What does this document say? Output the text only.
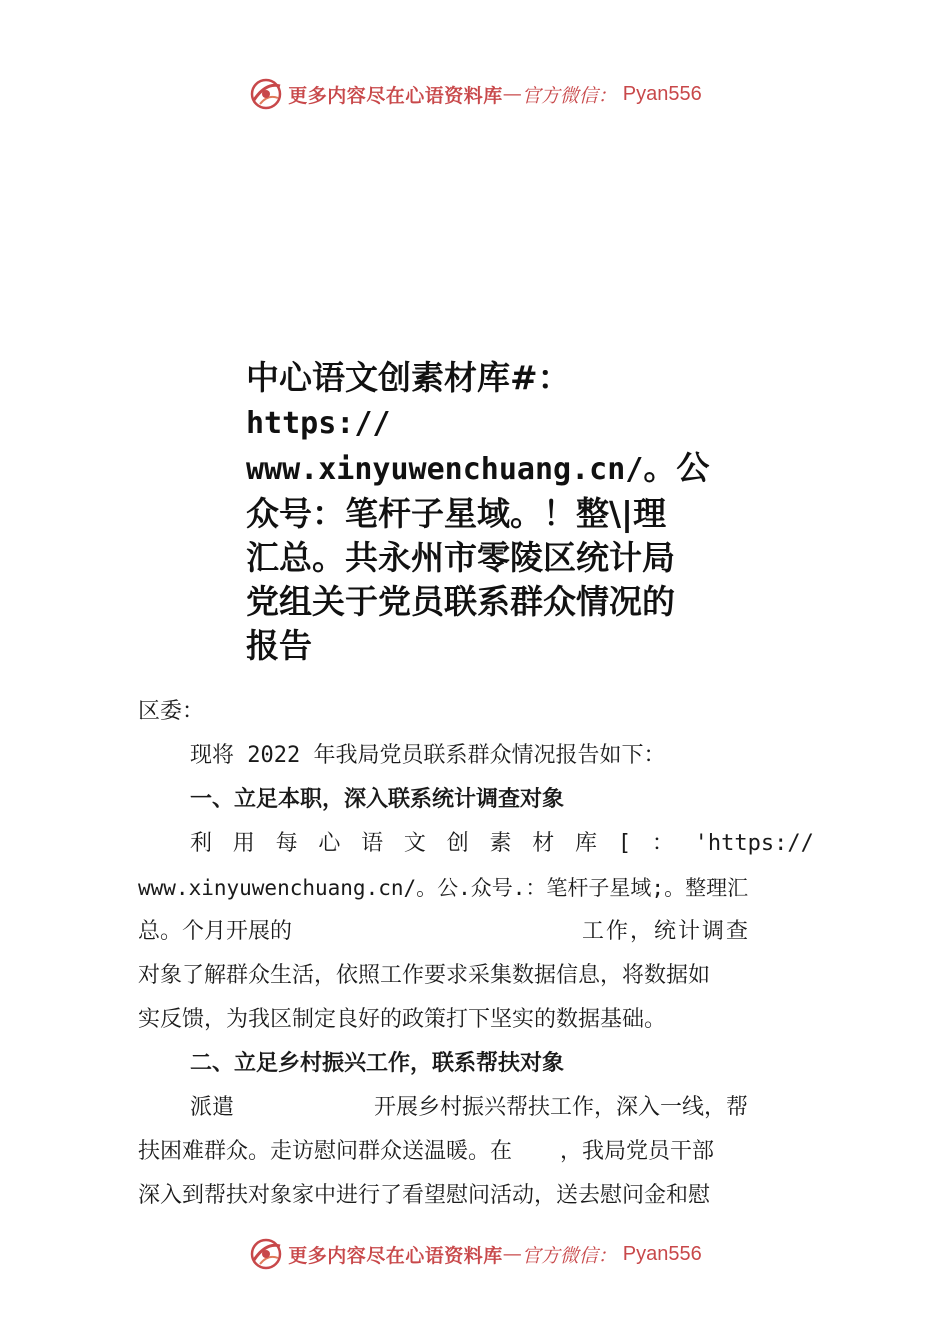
更多内容尽在心语资料库 — 官方微信： Pyan556
中心语文创素材库#：
https://
www.xinyuwenchuang.cn/。公
众号：笔杆子星域。！整\|理
汇总。共永州市零陵区统计局
党组关于党员联系群众情况的
报告

区委：

现将 2022 年我局党员联系群众情况报告如下：

一、立足本职，深入联系统计调查对象

利 用 每 心 语 文 创 素 材 库 [ ： 'https://

www.xinyuwenchuang.cn/。公.众号.：笔杆子星域;。整理汇

总。个月开展的	工作，统计调查

对象了解群众生活，依照工作要求采集数据信息，将数据如

实反馈，为我区制定良好的政策打下坚实的数据基础。

二、立足乡村振兴工作，联系帮扶对象

派遣	开展乡村振兴帮扶工作，深入一线，帮

扶困难群众。走访慰问群众送温暖。在 ，我局党员干部

深入到帮扶对象家中进行了看望慰问活动，送去慰问金和慰

更多内容尽在心语资料库 — 官方微信： Pyan556
